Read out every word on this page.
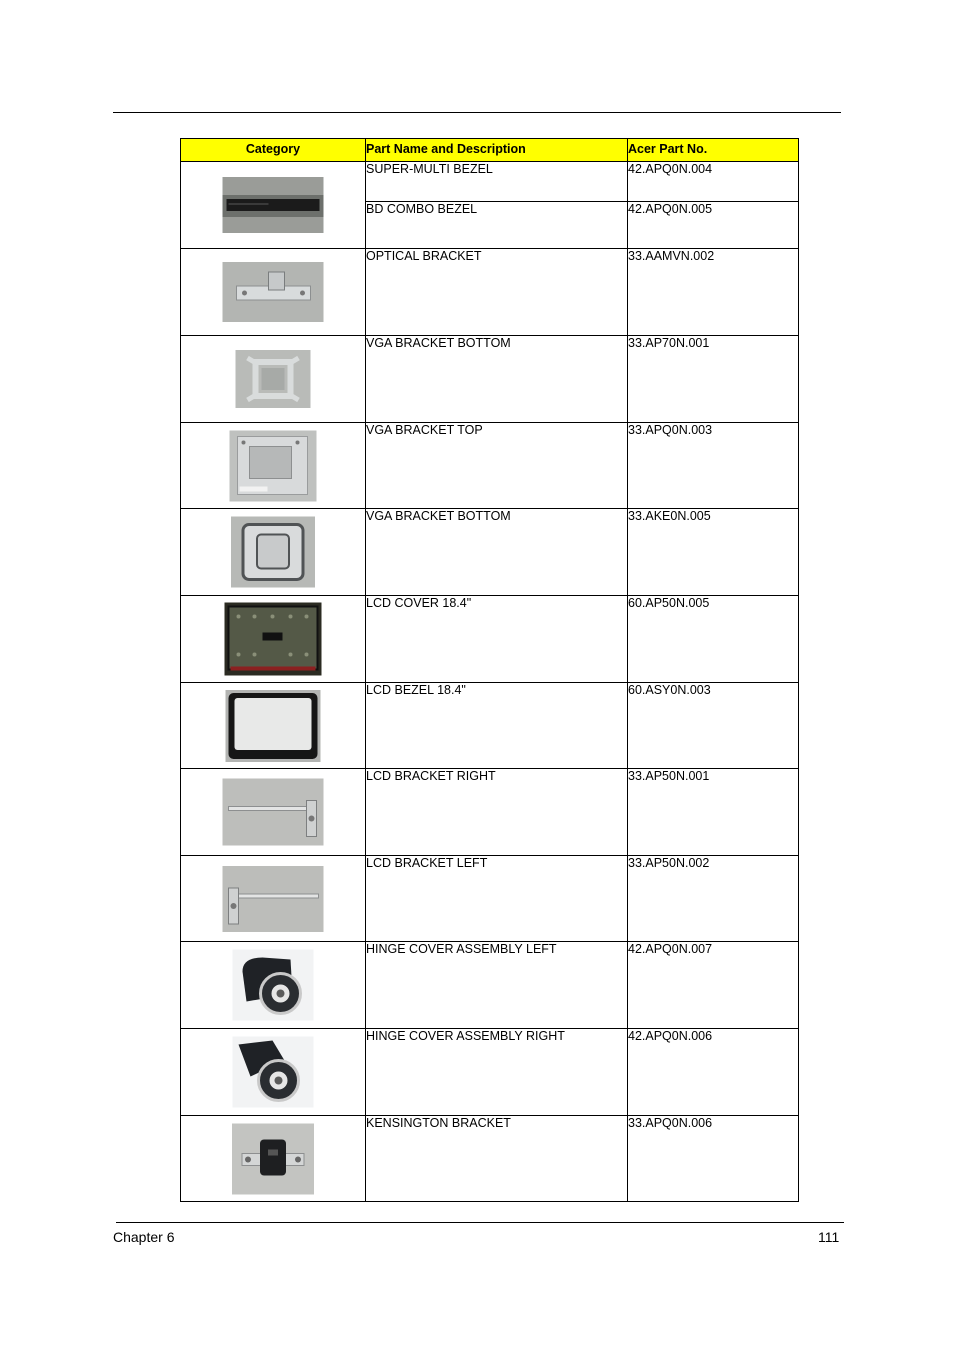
Category	Part Name and Description	Acer Part No.

	SUPER-MULTI BEZEL	42.APQ0N.004
	BD COMBO BEZEL	42.APQ0N.005

	OPTICAL BRACKET	33.AAMVN.002

	VGA BRACKET BOTTOM	33.AP70N.001

	VGA BRACKET TOP	33.APQ0N.003

	VGA BRACKET BOTTOM	33.AKE0N.005

	LCD COVER 18.4"	60.AP50N.005

	LCD BEZEL 18.4"	60.ASY0N.003

	LCD BRACKET RIGHT	33.AP50N.001

	LCD BRACKET LEFT	33.AP50N.002

	HINGE COVER ASSEMBLY LEFT	42.APQ0N.007

	HINGE COVER ASSEMBLY RIGHT	42.APQ0N.006

	KENSINGTON BRACKET	33.APQ0N.006
Chapter 6	111
